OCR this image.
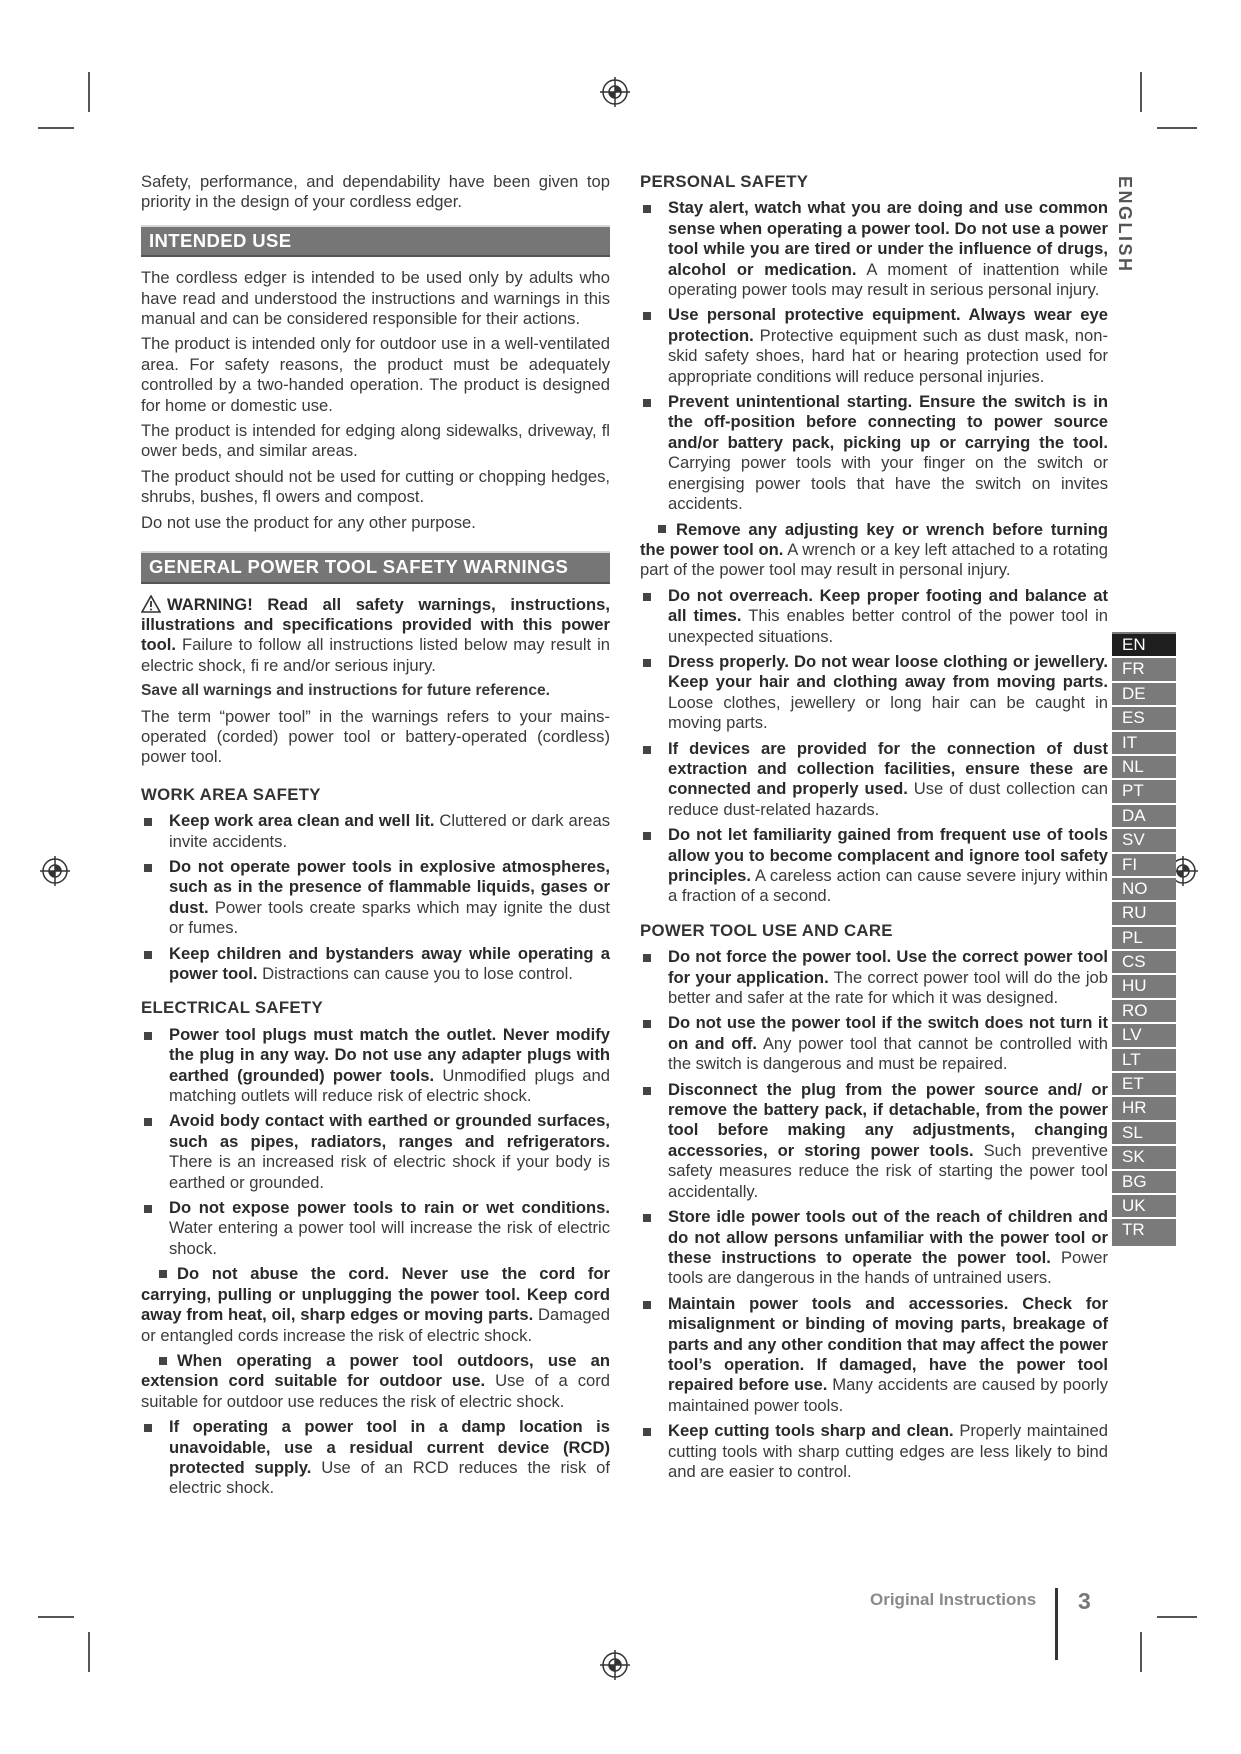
Safety, performance, and dependability have been given top priority in the design of your cordless edger.

INTENDED USE

The cordless edger is intended to be used only by adults who have read and understood the instructions and warnings in this manual and can be considered responsible for their actions.

The product is intended only for outdoor use in a well-ventilated area. For safety reasons, the product must be adequately controlled by a two-handed operation. The product is designed for home or domestic use.

The product is intended for edging along sidewalks, driveway, fl ower beds, and similar areas.

The product should not be used for cutting or chopping hedges, shrubs, bushes, fl owers and compost.

Do not use the product for any other purpose.

GENERAL POWER TOOL SAFETY WARNINGS

WARNING! Read all safety warnings, instructions, illustrations and specifications provided with this power tool. Failure to follow all instructions listed below may result in electric shock, fi re and/or serious injury.

Save all warnings and instructions for future reference.

The term “power tool” in the warnings refers to your mains-operated (corded) power tool or battery-operated (cordless) power tool.

WORK AREA SAFETY
Keep work area clean and well lit. Cluttered or dark areas invite accidents.
Do not operate power tools in explosive atmospheres, such as in the presence of flammable liquids, gases or dust. Power tools create sparks which may ignite the dust or fumes.
Keep children and bystanders away while operating a power tool. Distractions can cause you to lose control.
ELECTRICAL SAFETY
Power tool plugs must match the outlet. Never modify the plug in any way. Do not use any adapter plugs with earthed (grounded) power tools. Unmodified plugs and matching outlets will reduce risk of electric shock.
Avoid body contact with earthed or grounded surfaces, such as pipes, radiators, ranges and refrigerators. There is an increased risk of electric shock if your body is earthed or grounded.
Do not expose power tools to rain or wet conditions. Water entering a power tool will increase the risk of electric shock.
Do not abuse the cord. Never use the cord for carrying, pulling or unplugging the power tool. Keep cord away from heat, oil, sharp edges or moving parts. Damaged or entangled cords increase the risk of electric shock.
When operating a power tool outdoors, use an extension cord suitable for outdoor use. Use of a cord suitable for outdoor use reduces the risk of electric shock.
If operating a power tool in a damp location is unavoidable, use a residual current device (RCD) protected supply. Use of an RCD reduces the risk of electric shock.
PERSONAL SAFETY
Stay alert, watch what you are doing and use common sense when operating a power tool. Do not use a power tool while you are tired or under the influence of drugs, alcohol or medication. A moment of inattention while operating power tools may result in serious personal injury.
Use personal protective equipment. Always wear eye protection. Protective equipment such as dust mask, non-skid safety shoes, hard hat or hearing protection used for appropriate conditions will reduce personal injuries.
Prevent unintentional starting. Ensure the switch is in the off-position before connecting to power source and/or battery pack, picking up or carrying the tool. Carrying power tools with your finger on the switch or energising power tools that have the switch on invites accidents.
Remove any adjusting key or wrench before turning the power tool on. A wrench or a key left attached to a rotating part of the power tool may result in personal injury.
Do not overreach. Keep proper footing and balance at all times. This enables better control of the power tool in unexpected situations.
Dress properly. Do not wear loose clothing or jewellery. Keep your hair and clothing away from moving parts. Loose clothes, jewellery or long hair can be caught in moving parts.
If devices are provided for the connection of dust extraction and collection facilities, ensure these are connected and properly used. Use of dust collection can reduce dust-related hazards.
Do not let familiarity gained from frequent use of tools allow you to become complacent and ignore tool safety principles. A careless action can cause severe injury within a fraction of a second.
POWER TOOL USE AND CARE
Do not force the power tool. Use the correct power tool for your application. The correct power tool will do the job better and safer at the rate for which it was designed.
Do not use the power tool if the switch does not turn it on and off. Any power tool that cannot be controlled with the switch is dangerous and must be repaired.
Disconnect the plug from the power source and/ or remove the battery pack, if detachable, from the power tool before making any adjustments, changing accessories, or storing power tools. Such preventive safety measures reduce the risk of starting the power tool accidentally.
Store idle power tools out of the reach of children and do not allow persons unfamiliar with the power tool or these instructions to operate the power tool. Power tools are dangerous in the hands of untrained users.
Maintain power tools and accessories. Check for misalignment or binding of moving parts, breakage of parts and any other condition that may affect the power tool’s operation. If damaged, have the power tool repaired before use. Many accidents are caused by poorly maintained power tools.
Keep cutting tools sharp and clean. Properly maintained cutting tools with sharp cutting edges are less likely to bind and are easier to control.
ENGLISH
EN
FR
DE
ES
IT
NL
PT
DA
SV
FI
NO
RU
PL
CS
HU
RO
LV
LT
ET
HR
SL
SK
BG
UK
TR
Original Instructions 3
